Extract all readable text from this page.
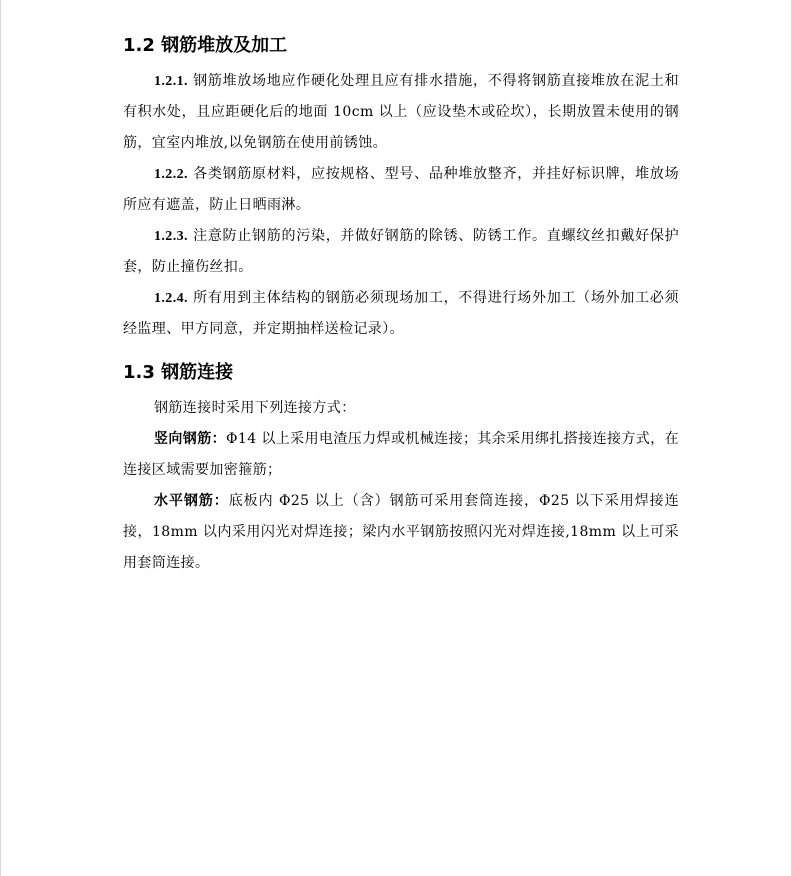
1.2 钢筋堆放及加工

1.2.1. 钢筋堆放场地应作硬化处理且应有排水措施，不得将钢筋直接堆放在泥土和有积水处，且应距硬化后的地面 10cm 以上（应设垫木或砼坎），长期放置未使用的钢筋，宜室内堆放,以免钢筋在使用前锈蚀。

1.2.2. 各类钢筋原材料，应按规格、型号、品种堆放整齐，并挂好标识牌，堆放场所应有遮盖，防止日晒雨淋。

1.2.3. 注意防止钢筋的污染，并做好钢筋的除锈、防锈工作。直螺纹丝扣戴好保护套，防止撞伤丝扣。

1.2.4. 所有用到主体结构的钢筋必须现场加工，不得进行场外加工（场外加工必须经监理、甲方同意，并定期抽样送检记录）。

1.3 钢筋连接

钢筋连接时采用下列连接方式：

竖向钢筋：Φ14 以上采用电渣压力焊或机械连接；其余采用绑扎搭接连接方式，在连接区域需要加密箍筋；

水平钢筋：底板内 Φ25 以上（含）钢筋可采用套筒连接，Φ25 以下采用焊接连接，18mm 以内采用闪光对焊连接；梁内水平钢筋按照闪光对焊连接,18mm 以上可采用套筒连接。
